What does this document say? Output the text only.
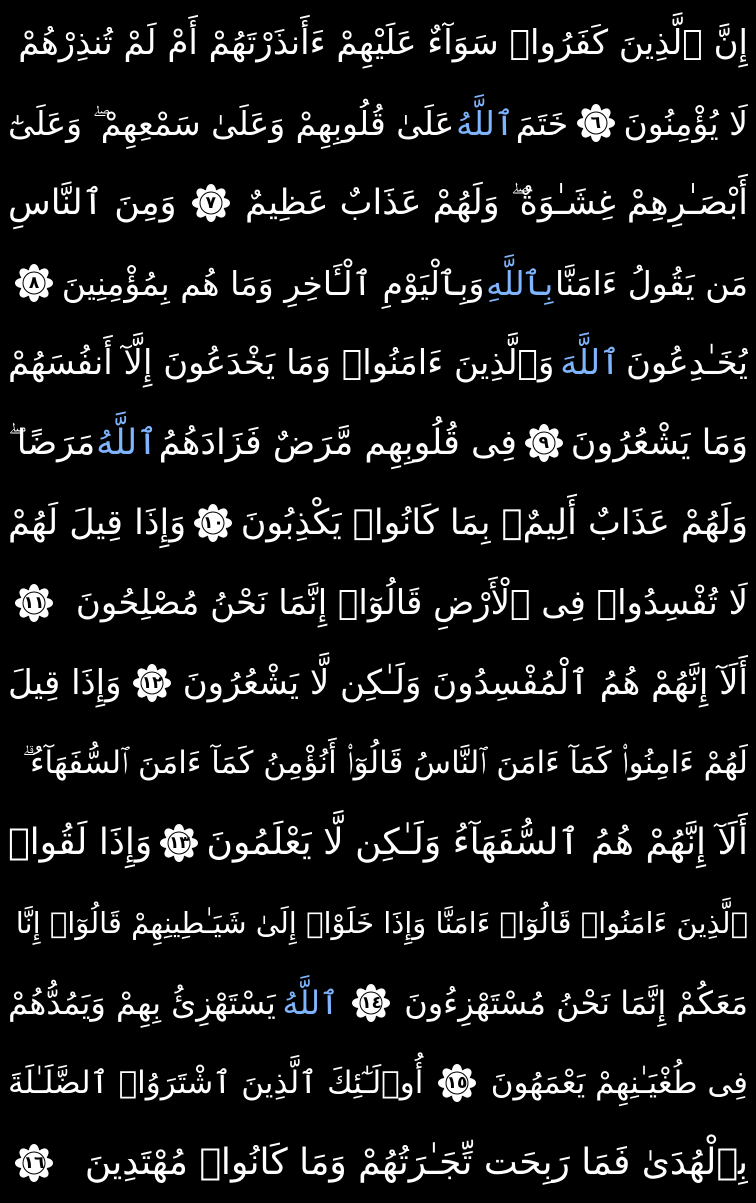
إِنَّ ٱلَّذِينَ كَفَرُوا۟ سَوَآءٌ عَلَيْهِمْ ءَأَنذَرْتَهُمْ أَمْ لَمْ تُنذِرْهُمْ
لَا يُؤْمِنُونَ
٦
خَتَمَ
ٱللَّهُ
عَلَىٰ قُلُوبِهِمْ وَعَلَىٰ سَمْعِهِمْ ۖ وَعَلَىٰٓ
أَبْصَـٰرِهِمْ غِشَـٰوَةٌ ۖ وَلَهُمْ عَذَابٌ عَظِيمٌ
٧
وَمِنَ ٱلنَّاسِ
مَن يَقُولُ ءَامَنَّا
بِٱللَّهِ
وَبِٱلْيَوْمِ ٱلْـَٔاخِرِ وَمَا هُم بِمُؤْمِنِينَ
٨
يُخَـٰدِعُونَ
ٱللَّهَ
وَٱلَّذِينَ ءَامَنُوا۟ وَمَا يَخْدَعُونَ إِلَّآ أَنفُسَهُمْ
وَمَا يَشْعُرُونَ
٩
فِى قُلُوبِهِم مَّرَضٌ فَزَادَهُمُ
ٱللَّهُ
مَرَضًا ۖ
وَلَهُمْ عَذَابٌ أَلِيمٌۢ بِمَا كَانُوا۟ يَكْذِبُونَ
١٠
وَإِذَا قِيلَ لَهُمْ
لَا تُفْسِدُوا۟ فِى ٱلْأَرْضِ قَالُوٓا۟ إِنَّمَا نَحْنُ مُصْلِحُونَ
١١
أَلَآ إِنَّهُمْ هُمُ ٱلْمُفْسِدُونَ وَلَـٰكِن لَّا يَشْعُرُونَ
١٢
وَإِذَا قِيلَ
لَهُمْ ءَامِنُوا۟ كَمَآ ءَامَنَ ٱلنَّاسُ قَالُوٓا۟ أَنُؤْمِنُ كَمَآ ءَامَنَ ٱلسُّفَهَآءُ ۗ
أَلَآ إِنَّهُمْ هُمُ ٱلسُّفَهَآءُ وَلَـٰكِن لَّا يَعْلَمُونَ
١٣
وَإِذَا لَقُوا۟
ٱلَّذِينَ ءَامَنُوا۟ قَالُوٓا۟ ءَامَنَّا وَإِذَا خَلَوْا۟ إِلَىٰ شَيَـٰطِينِهِمْ قَالُوٓا۟ إِنَّا
مَعَكُمْ إِنَّمَا نَحْنُ مُسْتَهْزِءُونَ
١٤
ٱللَّهُ
يَسْتَهْزِئُ بِهِمْ وَيَمُدُّهُمْ
فِى طُغْيَـٰنِهِمْ يَعْمَهُونَ
١٥
أُو۟لَـٰٓئِكَ ٱلَّذِينَ ٱشْتَرَوُا۟ ٱلضَّلَـٰلَةَ
بِٱلْهُدَىٰ فَمَا رَبِحَت تِّجَـٰرَتُهُمْ وَمَا كَانُوا۟ مُهْتَدِينَ
١٦
